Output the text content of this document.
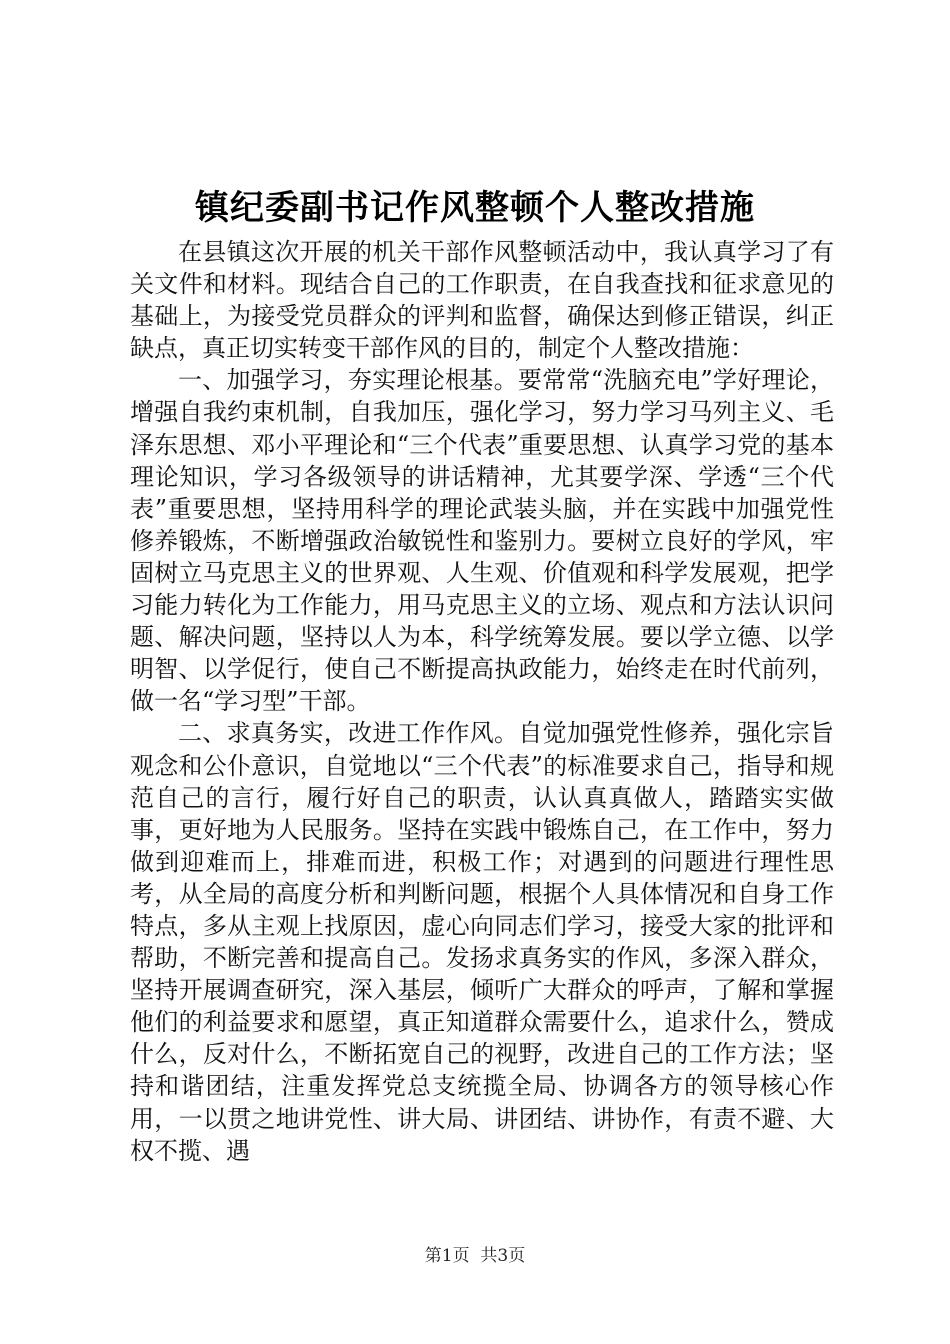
镇纪委副书记作风整顿个人整改措施

在县镇这次开展的机关干部作风整顿活动中，我认真学习了有关文件和材料。现结合自己的工作职责，在自我查找和征求意见的基础上，为接受党员群众的评判和监督，确保达到修正错误，纠正缺点，真正切实转变干部作风的目的，制定个人整改措施：

一、加强学习，夯实理论根基。要常常“洗脑充电”学好理论，增强自我约束机制，自我加压，强化学习，努力学习马列主义、毛泽东思想、邓小平理论和“三个代表”重要思想、认真学习党的基本理论知识，学习各级领导的讲话精神，尤其要学深、学透“三个代表”重要思想，坚持用科学的理论武装头脑，并在实践中加强党性修养锻炼，不断增强政治敏锐性和鉴别力。要树立良好的学风，牢固树立马克思主义的世界观、人生观、价值观和科学发展观，把学习能力转化为工作能力，用马克思主义的立场、观点和方法认识问题、解决问题，坚持以人为本，科学统筹发展。要以学立德、以学明智、以学促行，使自己不断提高执政能力，始终走在时代前列，做一名“学习型”干部。

二、求真务实，改进工作作风。自觉加强党性修养，强化宗旨观念和公仆意识，自觉地以“三个代表”的标准要求自己，指导和规范自己的言行，履行好自己的职责，认认真真做人，踏踏实实做事，更好地为人民服务。坚持在实践中锻炼自己，在工作中，努力做到迎难而上，排难而进，积极工作；对遇到的问题进行理性思考，从全局的高度分析和判断问题，根据个人具体情况和自身工作特点，多从主观上找原因，虚心向同志们学习，接受大家的批评和帮助，不断完善和提高自己。发扬求真务实的作风，多深入群众，坚持开展调查研究，深入基层，倾听广大群众的呼声，了解和掌握他们的利益要求和愿望，真正知道群众需要什么，追求什么，赞成什么，反对什么，不断拓宽自己的视野，改进自己的工作方法；坚持和谐团结，注重发挥党总支统揽全局、协调各方的领导核心作用，一以贯之地讲党性、讲大局、讲团结、讲协作，有责不避、大权不揽、遇

第1页 共3页
